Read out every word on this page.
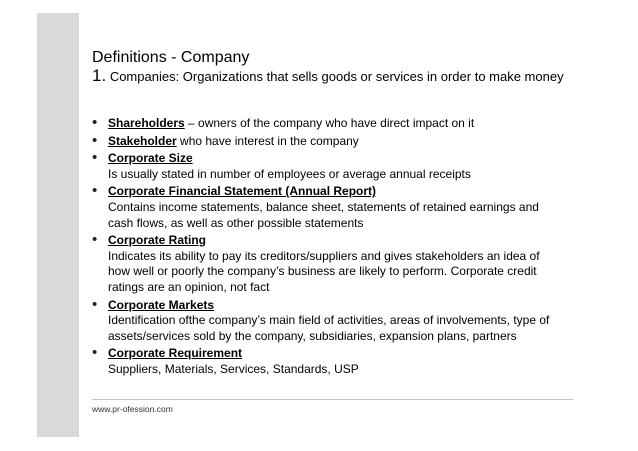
Definitions - Company
1. Companies: Organizations that sells goods or services in order to make money
• Shareholders – owners of the company who have direct impact on it
• Stakeholder who have interest in the company
• Corporate Size
Is usually stated in number of employees or average annual receipts
• Corporate Financial Statement (Annual Report)
Contains income statements, balance sheet, statements of retained earnings and cash flows, as well as other possible statements
• Corporate Rating
Indicates its ability to pay its creditors/suppliers and gives stakeholders an idea of how well or poorly the company’s business are likely to perform. Corporate credit ratings are an opinion, not fact
• Corporate Markets
Identification ofthe company’s main field of activities, areas of involvements, type of assets/services sold by the company, subsidiaries, expansion plans, partners
• Corporate Requirement
Suppliers, Materials, Services, Standards, USP
www.pr-ofession.com
